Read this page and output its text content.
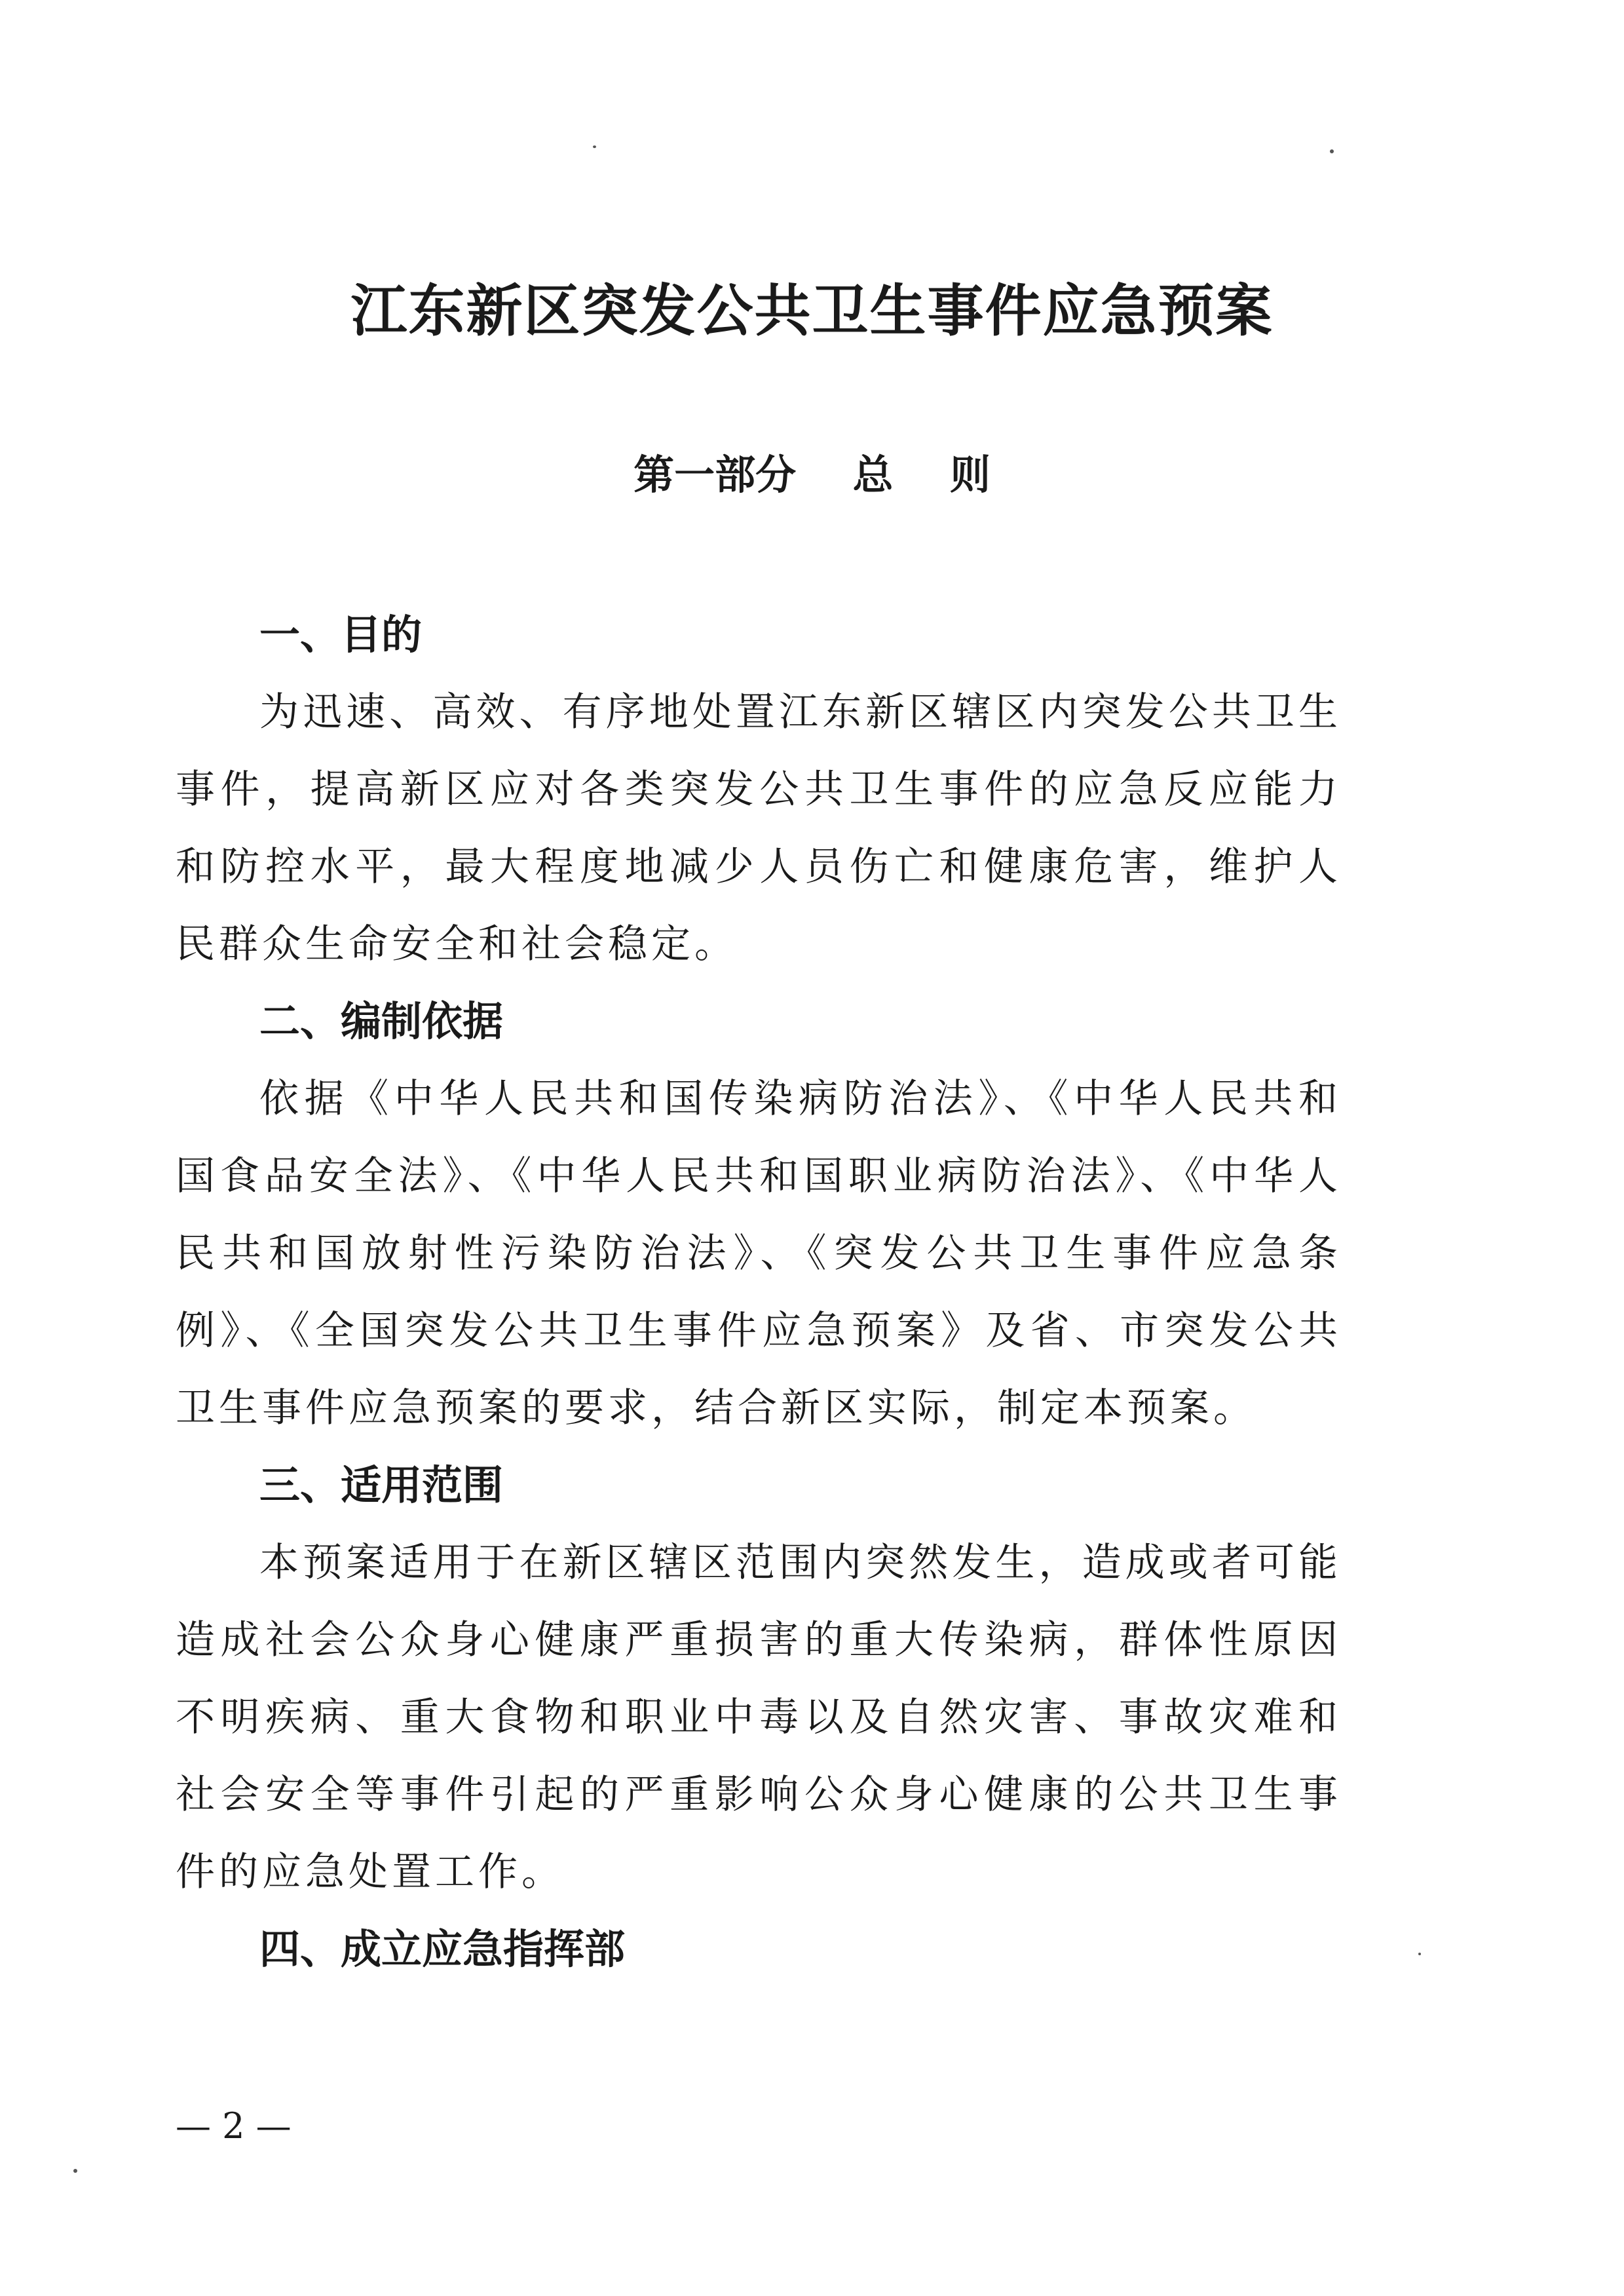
江东新区突发公共卫生事件应急预案
第一部分    总    则
一、目的

为迅速、高效、有序地处置江东新区辖区内突发公共卫生事件，提高新区应对各类突发公共卫生事件的应急反应能力和防控水平，最大程度地减少人员伤亡和健康危害，维护人民群众生命安全和社会稳定。

二、编制依据

依据《中华人民共和国传染病防治法》、《中华人民共和国食品安全法》、《中华人民共和国职业病防治法》、《中华人民共和国放射性污染防治法》、《突发公共卫生事件应急条例》、《全国突发公共卫生事件应急预案》及省、市突发公共卫生事件应急预案的要求，结合新区实际，制定本预案。

三、适用范围

本预案适用于在新区辖区范围内突然发生，造成或者可能造成社会公众身心健康严重损害的重大传染病，群体性原因不明疾病、重大食物和职业中毒以及自然灾害、事故灾难和社会安全等事件引起的严重影响公众身心健康的公共卫生事件的应急处置工作。

四、成立应急指挥部
— 2 —
